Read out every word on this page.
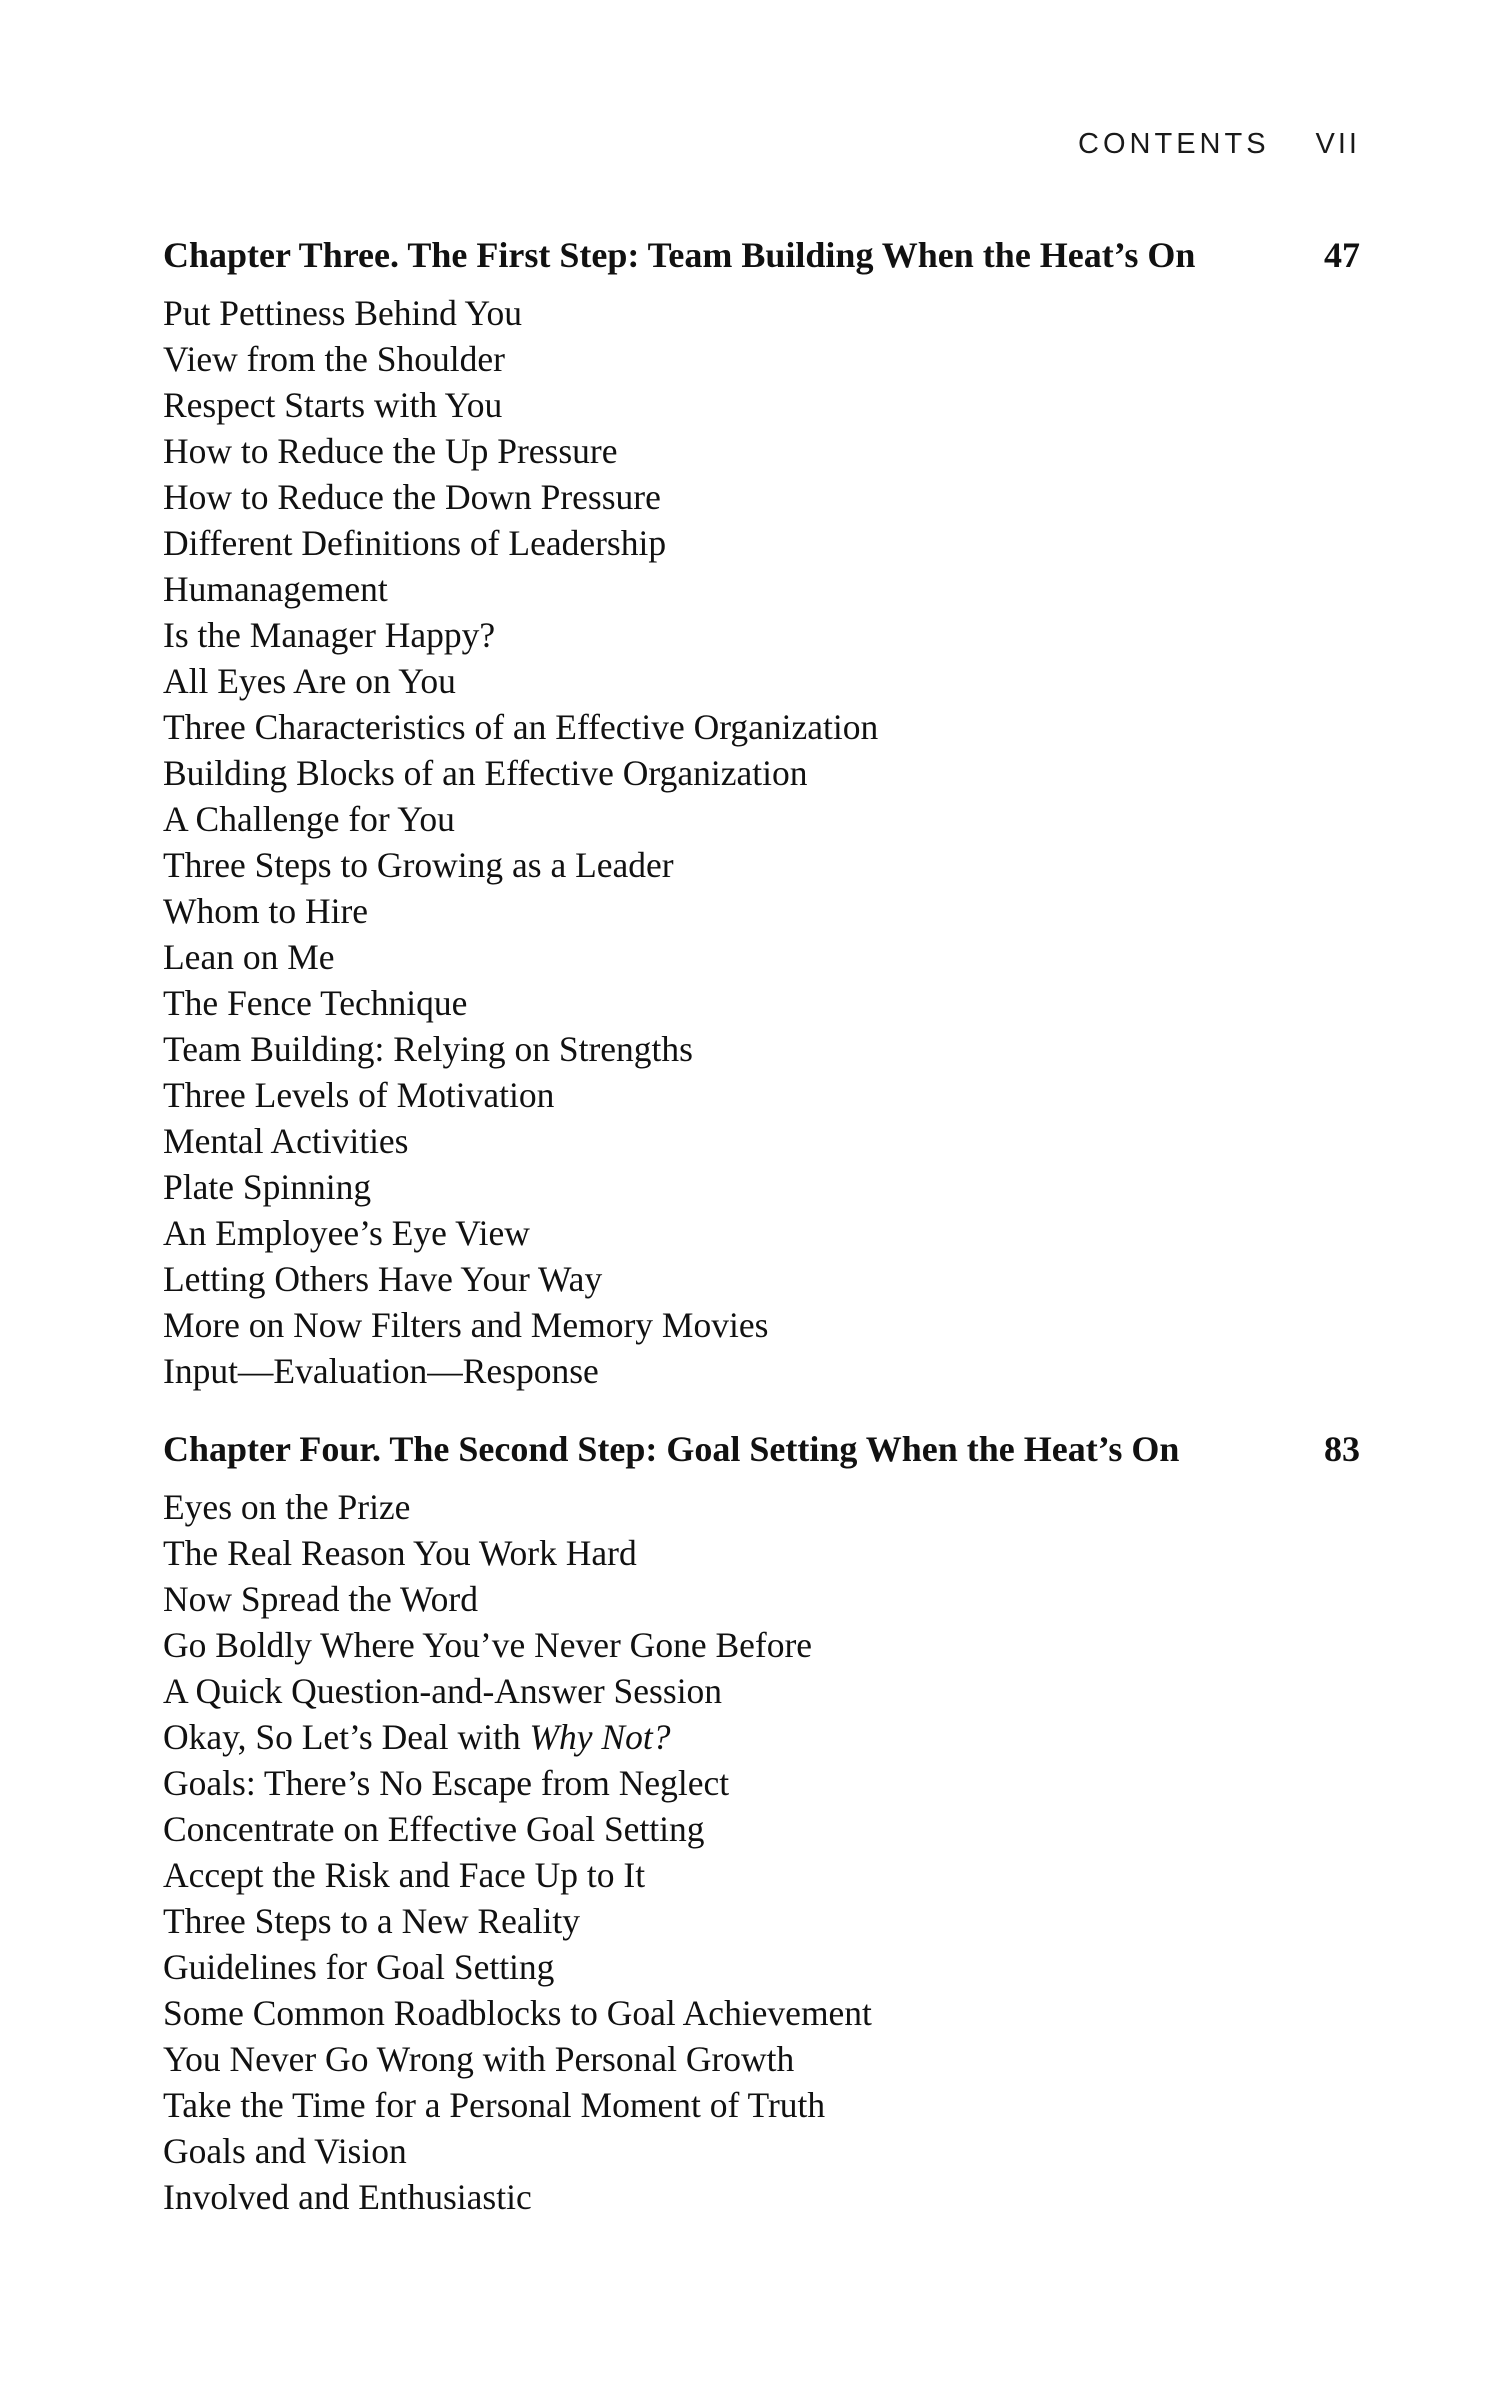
CONTENTS VII
Chapter Three. The First Step: Team Building When the Heat’s On	47
Put Pettiness Behind You
View from the Shoulder
Respect Starts with You
How to Reduce the Up Pressure
How to Reduce the Down Pressure
Different Definitions of Leadership
Humanagement
Is the Manager Happy?
All Eyes Are on You
Three Characteristics of an Effective Organization
Building Blocks of an Effective Organization
A Challenge for You
Three Steps to Growing as a Leader
Whom to Hire
Lean on Me
The Fence Technique
Team Building: Relying on Strengths
Three Levels of Motivation
Mental Activities
Plate Spinning
An Employee’s Eye View
Letting Others Have Your Way
More on Now Filters and Memory Movies
Input—Evaluation—Response
Chapter Four. The Second Step: Goal Setting When the Heat’s On	83
Eyes on the Prize
The Real Reason You Work Hard
Now Spread the Word
Go Boldly Where You’ve Never Gone Before
A Quick Question-and-Answer Session
Okay, So Let’s Deal with Why Not?
Goals: There’s No Escape from Neglect
Concentrate on Effective Goal Setting
Accept the Risk and Face Up to It
Three Steps to a New Reality
Guidelines for Goal Setting
Some Common Roadblocks to Goal Achievement
You Never Go Wrong with Personal Growth
Take the Time for a Personal Moment of Truth
Goals and Vision
Involved and Enthusiastic
